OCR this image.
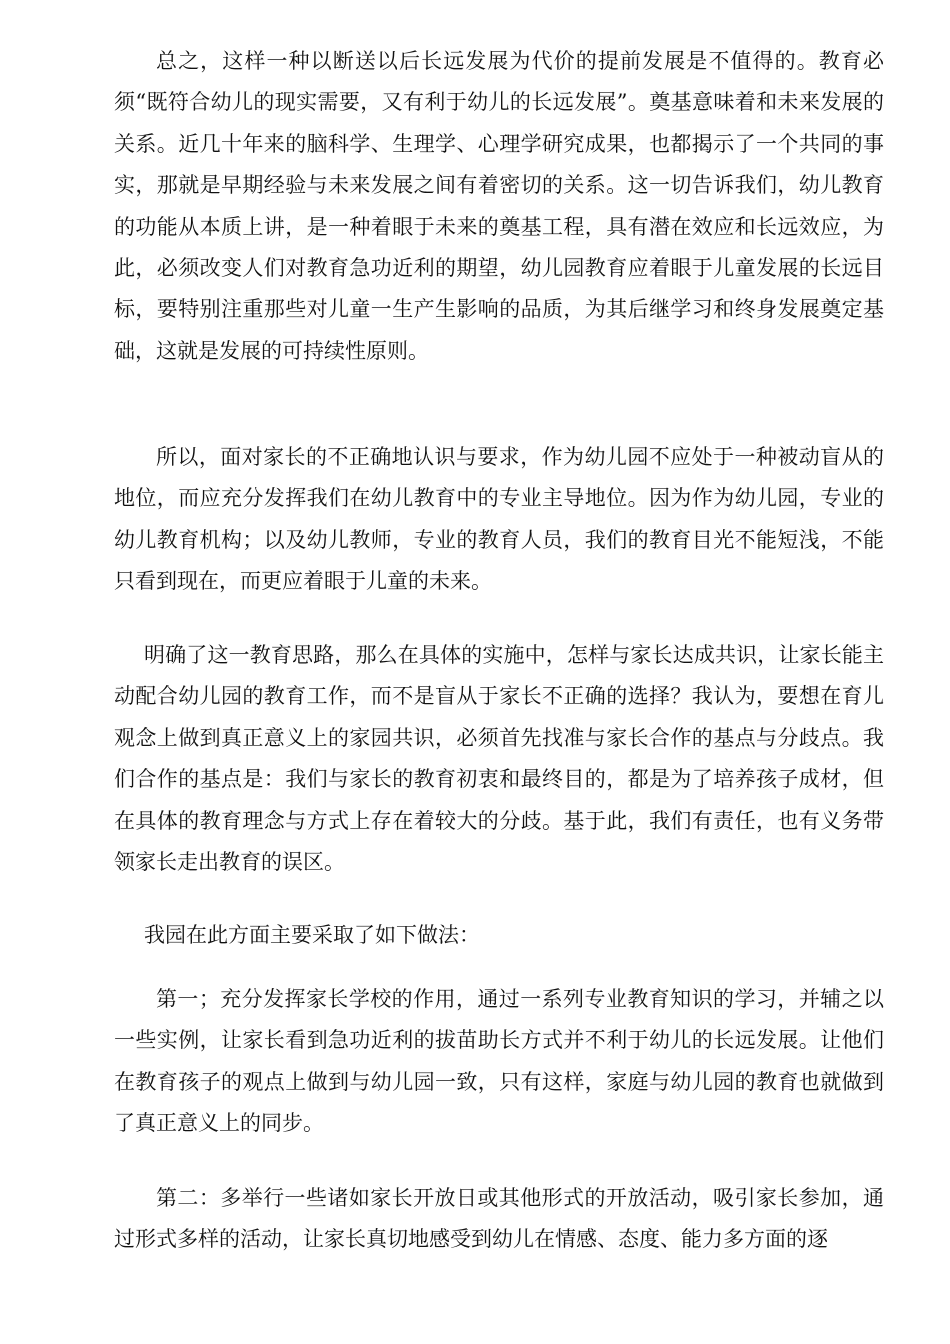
总之，这样一种以断送以后长远发展为代价的提前发展是不值得的。教育必须“既符合幼儿的现实需要，又有利于幼儿的长远发展”。奠基意味着和未来发展的关系。近几十年来的脑科学、生理学、心理学研究成果，也都揭示了一个共同的事实，那就是早期经验与未来发展之间有着密切的关系。这一切告诉我们，幼儿教育的功能从本质上讲，是一种着眼于未来的奠基工程，具有潜在效应和长远效应，为此，必须改变人们对教育急功近利的期望，幼儿园教育应着眼于儿童发展的长远目标，要特别注重那些对儿童一生产生影响的品质，为其后继学习和终身发展奠定基础，这就是发展的可持续性原则。

所以，面对家长的不正确地认识与要求，作为幼儿园不应处于一种被动盲从的地位，而应充分发挥我们在幼儿教育中的专业主导地位。因为作为幼儿园，专业的幼儿教育机构；以及幼儿教师，专业的教育人员，我们的教育目光不能短浅，不能只看到现在，而更应着眼于儿童的未来。

明确了这一教育思路，那么在具体的实施中，怎样与家长达成共识，让家长能主动配合幼儿园的教育工作，而不是盲从于家长不正确的选择？我认为，要想在育儿观念上做到真正意义上的家园共识，必须首先找准与家长合作的基点与分歧点。我们合作的基点是：我们与家长的教育初衷和最终目的，都是为了培养孩子成材，但在具体的教育理念与方式上存在着较大的分歧。基于此，我们有责任，也有义务带领家长走出教育的误区。

我园在此方面主要采取了如下做法：

第一；充分发挥家长学校的作用，通过一系列专业教育知识的学习，并辅之以一些实例，让家长看到急功近利的拔苗助长方式并不利于幼儿的长远发展。让他们在教育孩子的观点上做到与幼儿园一致，只有这样，家庭与幼儿园的教育也就做到了真正意义上的同步。

第二：多举行一些诸如家长开放日或其他形式的开放活动，吸引家长参加，通过形式多样的活动，让家长真切地感受到幼儿在情感、态度、能力多方面的逐
